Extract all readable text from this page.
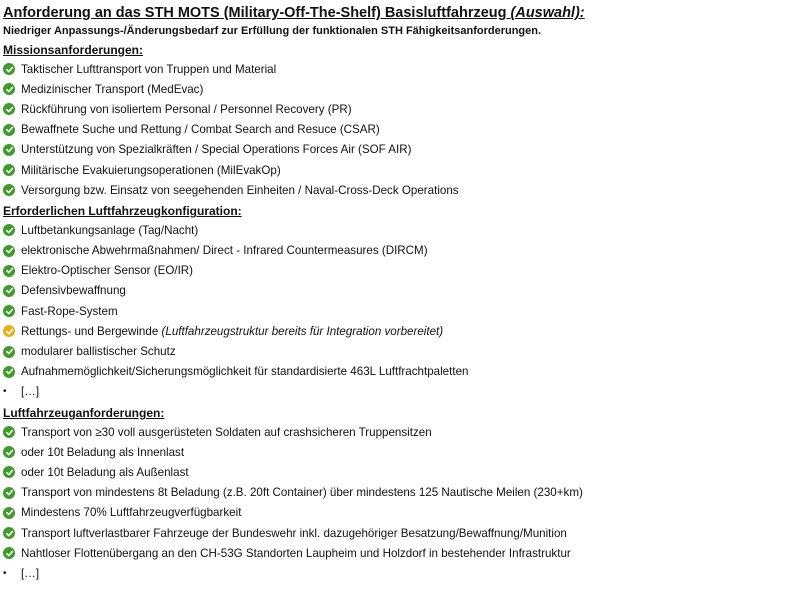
Anforderung an das STH MOTS (Military-Off-The-Shelf) Basisluftfahrzeug (Auswahl):
Niedriger Anpassungs-/Änderungsbedarf zur Erfüllung der funktionalen STH Fähigkeitsanforderungen.
Missionsanforderungen:
Taktischer Lufttransport von Truppen und Material
Medizinischer Transport (MedEvac)
Rückführung von isoliertem Personal / Personnel Recovery (PR)
Bewaffnete Suche und Rettung / Combat Search and Resuce (CSAR)
Unterstützung von Spezialkräften / Special Operations Forces Air (SOF AIR)
Militärische Evakuierungsoperationen (MilEvakOp)
Versorgung bzw. Einsatz von seegehenden Einheiten / Naval-Cross-Deck Operations
Erforderlichen Luftfahrzeugkonfiguration:
Luftbetankungsanlage (Tag/Nacht)
elektronische Abwehrmaßnahmen/ Direct - Infrared Countermeasures (DIRCM)
Elektro-Optischer Sensor (EO/IR)
Defensivbewaffnung
Fast-Rope-System
Rettungs- und Bergewinde (Luftfahrzeugstruktur bereits für Integration vorbereitet)
modularer ballistischer Schutz
Aufnahmemöglichkeit/Sicherungsmöglichkeit für standardisierte 463L Luftfrachtpaletten
•	[…]
Luftfahrzeuganforderungen:
Transport von ≥30 voll ausgerüsteten Soldaten auf crashsicheren Truppensitzen
oder 10t Beladung als Innenlast
oder 10t Beladung als Außenlast
Transport von mindestens 8t Beladung (z.B. 20ft Container) über mindestens 125 Nautische Meilen (230+km)
Mindestens 70% Luftfahrzeugverfügbarkeit
Transport luftverlastbarer Fahrzeuge der Bundeswehr inkl. dazugehöriger Besatzung/Bewaffnung/Munition
Nahtloser Flottenübergang an den CH-53G Standorten Laupheim und Holzdorf in bestehender Infrastruktur
•	[…]
